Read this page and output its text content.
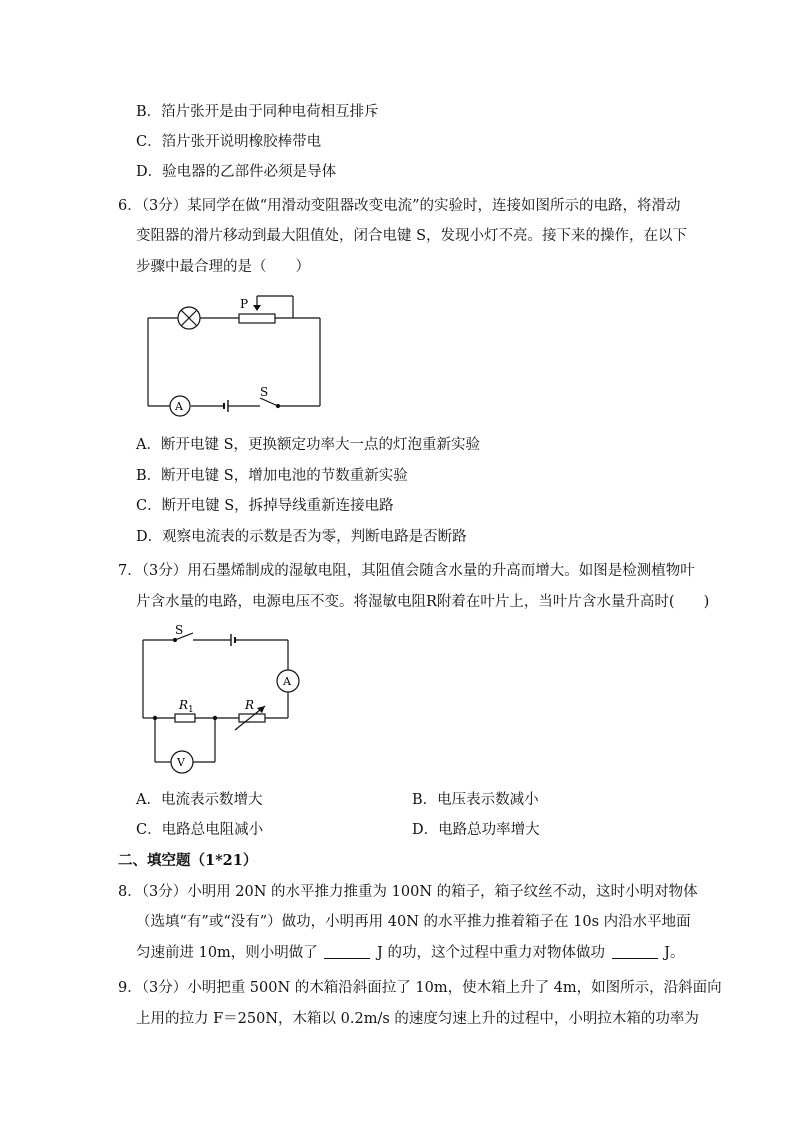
B．箔片张开是由于同种电荷相互排斥
C．箔片张开说明橡胶棒带电
D．验电器的乙部件必须是导体
6．（3分）某同学在做“用滑动变阻器改变电流”的实验时，连接如图所示的电路，将滑动
变阻器的滑片移动到最大阻值处，闭合电键 S，发现小灯不亮。接下来的操作，在以下
步骤中最合理的是（　　）
P
S
A
A．断开电键 S，更换额定功率大一点的灯泡重新实验
B．断开电键 S，增加电池的节数重新实验
C．断开电键 S，拆掉导线重新连接电路
D．观察电流表的示数是否为零，判断电路是否断路
7．（3分）用石墨烯制成的湿敏电阻，其阻值会随含水量的升高而增大。如图是检测植物叶
片含水量的电路，电源电压不变。将湿敏电阻R附着在叶片上，当叶片含水量升高时(　　)
S
A
V
$R_1$	R
A．电流表示数增大	B．电压表示数减小
C．电路总电阻减小	D．电路总功率增大
二、填空题（1*21）
8．（3分）小明用 20N 的水平推力推重为 100N 的箱子，箱子纹丝不动，这时小明对物体
（选填“有”或“没有”）做功，小明再用 40N 的水平推力推着箱子在 10s 内沿水平地面
匀速前进 10m，则小明做了	J 的功，这个过程中重力对物体做功	J。
9．（3分）小明把重 500N 的木箱沿斜面拉了 10m，使木箱上升了 4m，如图所示，沿斜面向
上用的拉力 F＝250N，木箱以 0.2m/s 的速度匀速上升的过程中，小明拉木箱的功率为
